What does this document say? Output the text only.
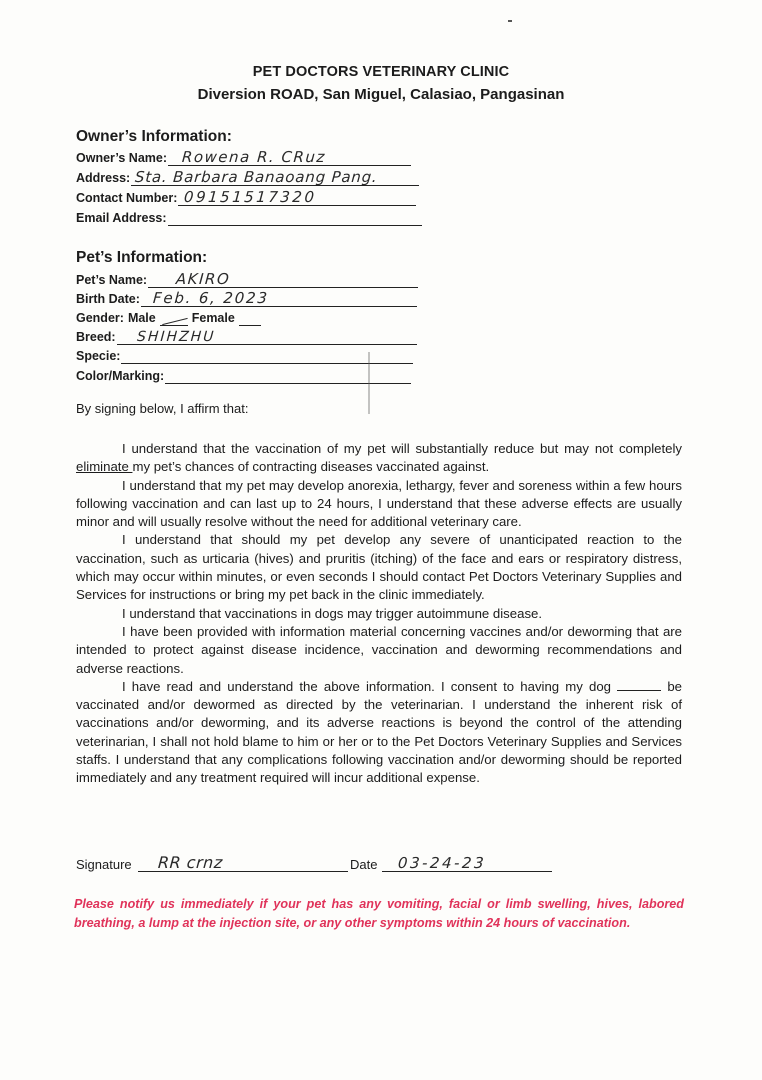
PET DOCTORS VETERINARY CLINIC
Diversion ROAD, San Miguel, Calasiao, Pangasinan
Owner’s Information:
Owner’s Name: Rowena R. CRuz
Address: Sta. Barbara Banaoang Pang.
Contact Number: 09151517320
Email Address:
Pet’s Information:
Pet’s Name: AKIRO
Birth Date: Feb. 6, 2023
Gender: Male	Female
Breed: SHIHZHU
Specie:
Color/Marking:
By signing below, I affirm that:

I understand that the vaccination of my pet will substantially reduce but may not completely eliminate my pet’s chances of contracting diseases vaccinated against.

I understand that my pet may develop anorexia, lethargy, fever and soreness within a few hours following vaccination and can last up to 24 hours, I understand that these adverse effects are usually minor and will usually resolve without the need for additional veterinary care.

I understand that should my pet develop any severe of unanticipated reaction to the vaccination, such as urticaria (hives) and pruritis (itching) of the face and ears or respiratory distress, which may occur within minutes, or even seconds I should contact Pet Doctors Veterinary Supplies and Services for instructions or bring my pet back in the clinic immediately.

I understand that vaccinations in dogs may trigger autoimmune disease.

I have been provided with information material concerning vaccines and/or deworming that are intended to protect against disease incidence, vaccination and deworming recommendations and adverse reactions.

I have read and understand the above information. I consent to having my dog	be vaccinated and/or dewormed as directed by the veterinarian. I understand the inherent risk of vaccinations and/or deworming, and its adverse reactions is beyond the control of the attending veterinarian, I shall not hold blame to him or her or to the Pet Doctors Veterinary Supplies and Services staffs. I understand that any complications following vaccination and/or deworming should be reported immediately and any treatment required will incur additional expense.

Signature RR crnz	Date 03-24-23
Please notify us immediately if your pet has any vomiting, facial or limb swelling, hives, labored breathing, a lump at the injection site, or any other symptoms within 24 hours of vaccination.
